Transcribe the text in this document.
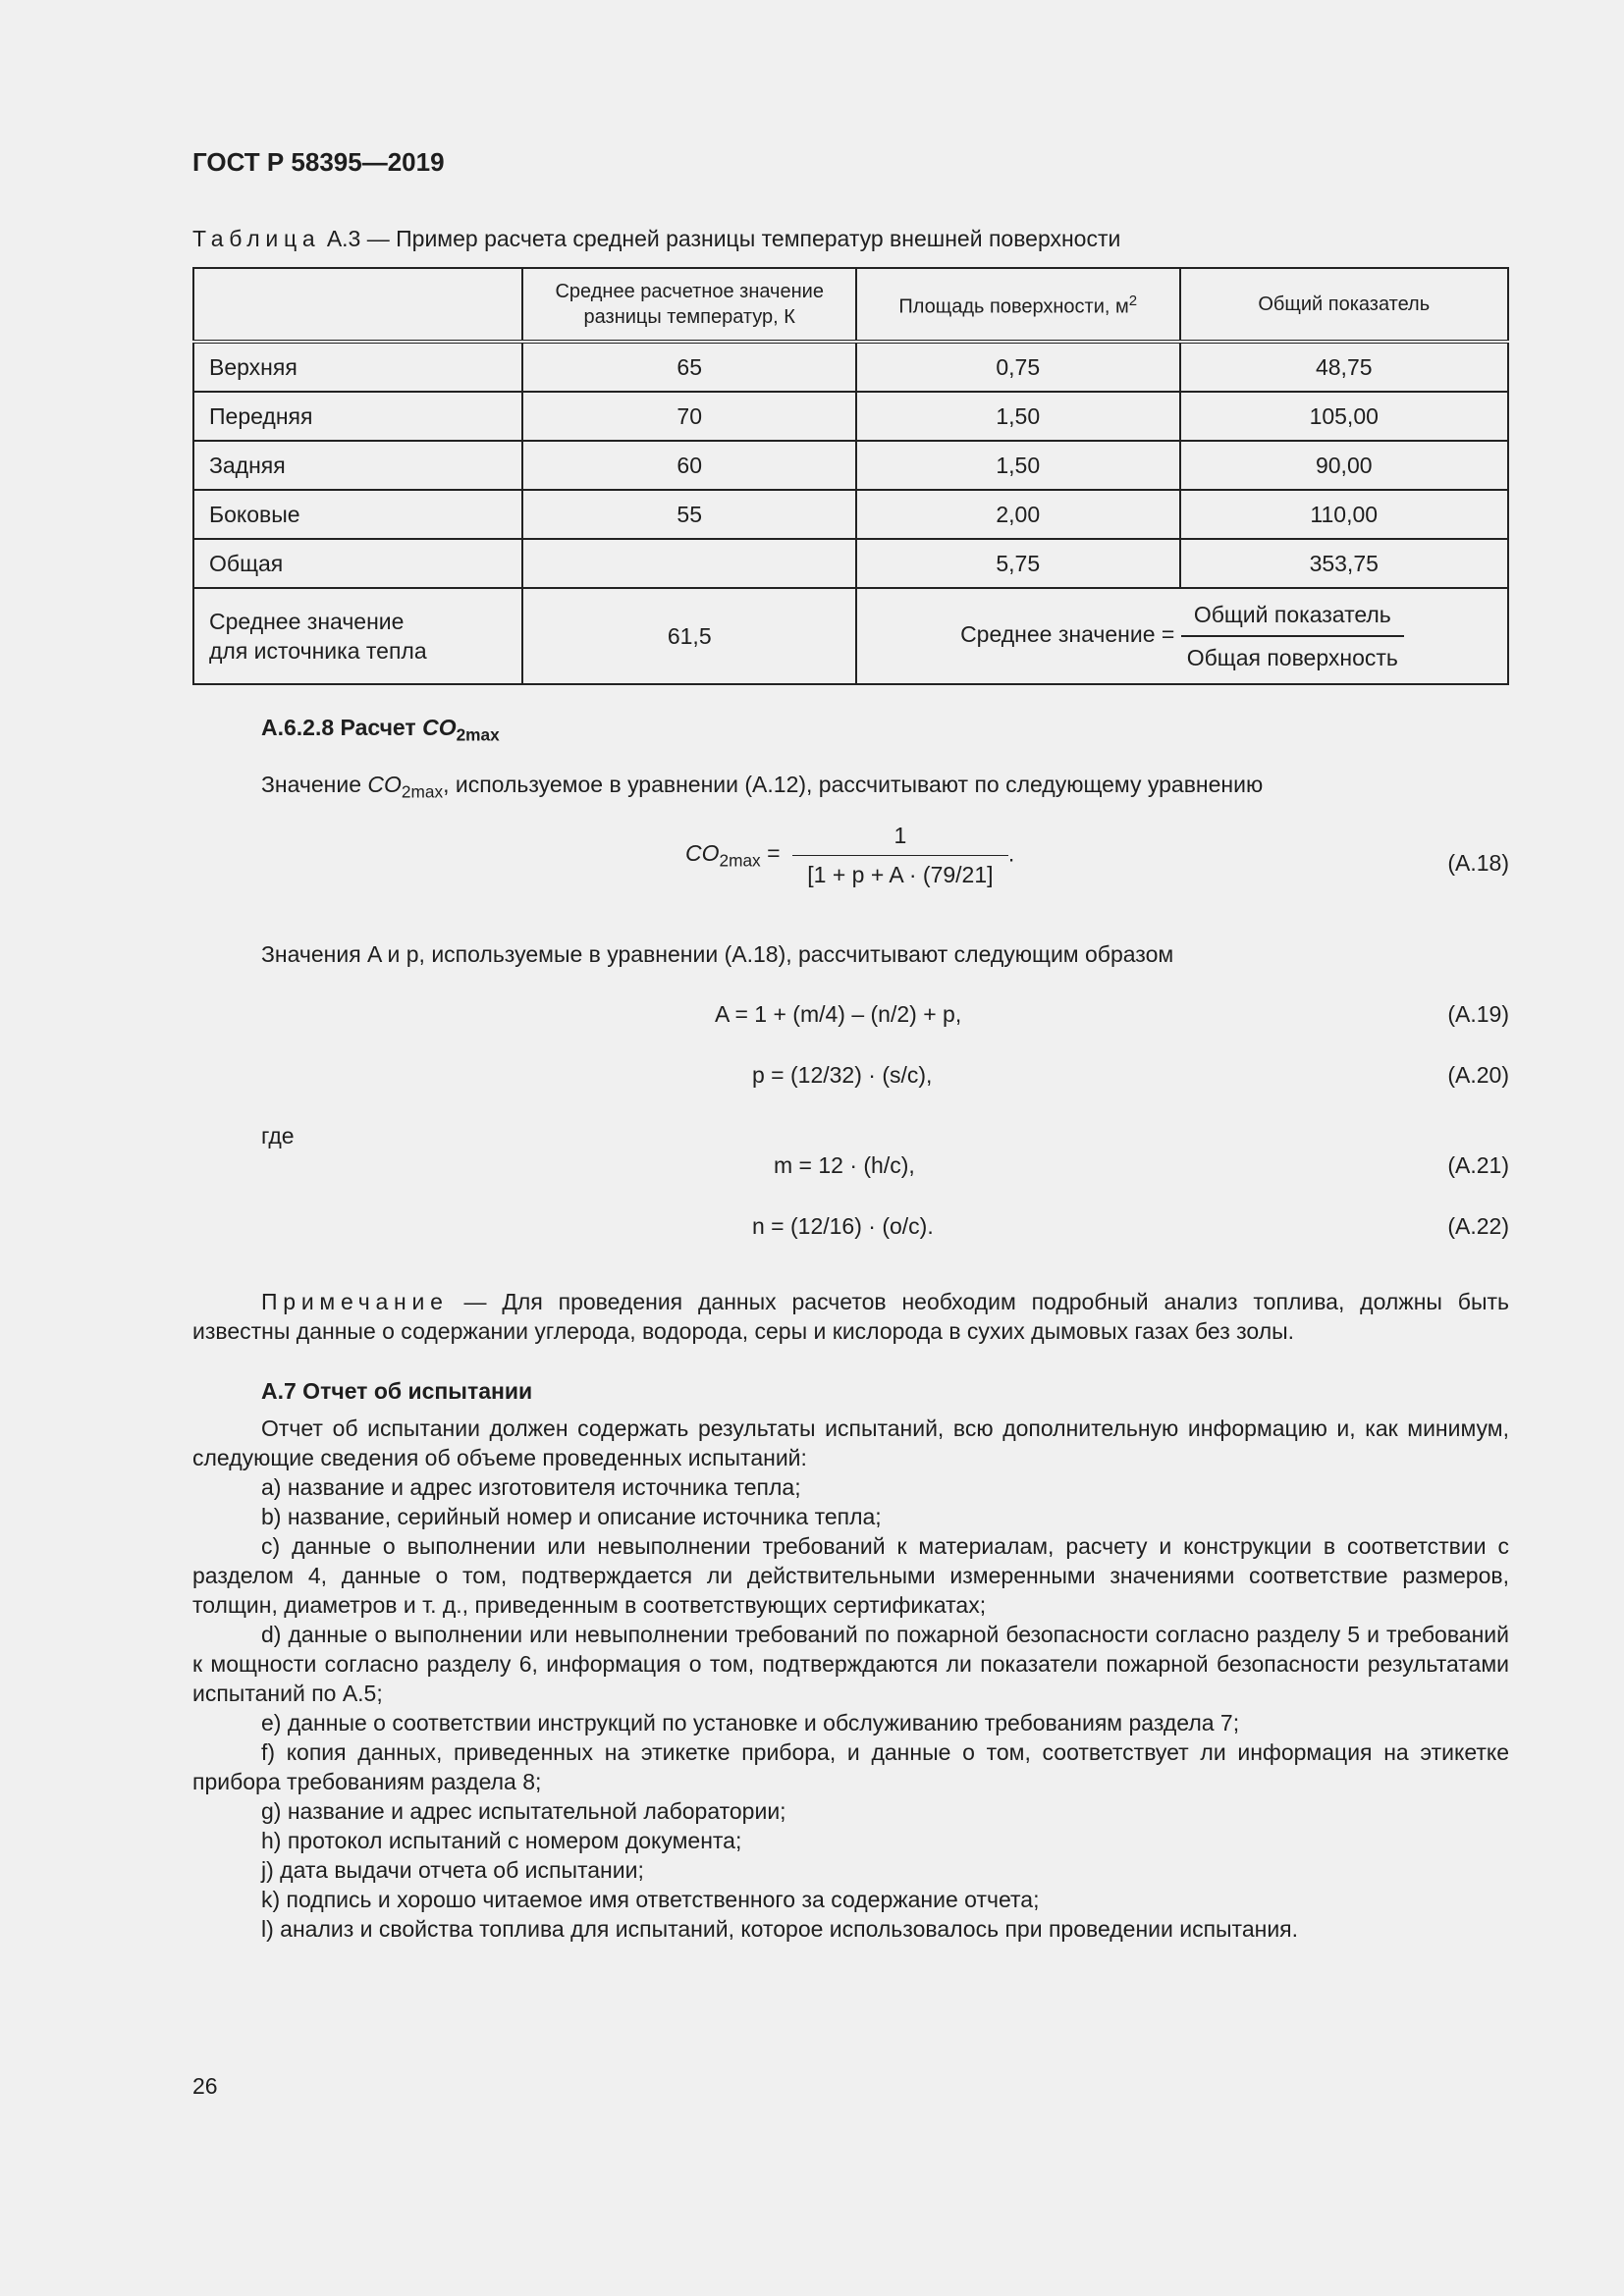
ГОСТ Р 58395—2019
Таблица А.3 — Пример расчета средней разницы температур внешней поверхности
	Среднее расчетное значение разницы температур, К	Площадь поверхности, $м^2$	Общий показатель
Верхняя	65	0,75	48,75
Передняя	70	1,50	105,00
Задняя	60	1,50	90,00
Боковые	55	2,00	110,00
Общая		5,75	353,75
Среднее значение
для источника тепла	61,5	Среднее значение = $\frac{\text{Общий показатель}}{\text{Общая поверхность}}$
А.6.2.8 Расчет $CO_{2max}$
Значение $CO_{2max}$, используемое в уравнении (А.12), рассчитывают по следующему уравнению
$CO_{2max} = \frac{1}{[1 + p + A \cdot (79/21]}$ .	(А.18)
Значения A и p, используемые в уравнении (А.18), рассчитывают следующим образом
A = 1 + (m/4) – (n/2) + p,	(А.19)
p = (12/32) · (s/c),	(А.20)
где
m = 12 · (h/c),	(А.21)
n = (12/16) · (o/c).	(А.22)

Примечание — Для проведения данных расчетов необходим подробный анализ топлива, должны быть известны данные о содержании углерода, водорода, серы и кислорода в сухих дымовых газах без золы.

А.7 Отчет об испытании

Отчет об испытании должен содержать результаты испытаний, всю дополнительную информацию и, как минимум, следующие сведения об объеме проведенных испытаний:

a) название и адрес изготовителя источника тепла;

b) название, серийный номер и описание источника тепла;

c) данные о выполнении или невыполнении требований к материалам, расчету и конструкции в соответствии с разделом 4, данные о том, подтверждается ли действительными измеренными значениями соответствие размеров, толщин, диаметров и т. д., приведенным в соответствующих сертификатах;

d) данные о выполнении или невыполнении требований по пожарной безопасности согласно разделу 5 и требований к мощности согласно разделу 6, информация о том, подтверждаются ли показатели пожарной безопасности результатами испытаний по А.5;

e) данные о соответствии инструкций по установке и обслуживанию требованиям раздела 7;

f) копия данных, приведенных на этикетке прибора, и данные о том, соответствует ли информация на этикетке прибора требованиям раздела 8;

g) название и адрес испытательной лаборатории;

h) протокол испытаний с номером документа;

j) дата выдачи отчета об испытании;

k) подпись и хорошо читаемое имя ответственного за содержание отчета;

l) анализ и свойства топлива для испытаний, которое использовалось при проведении испытания.

26
